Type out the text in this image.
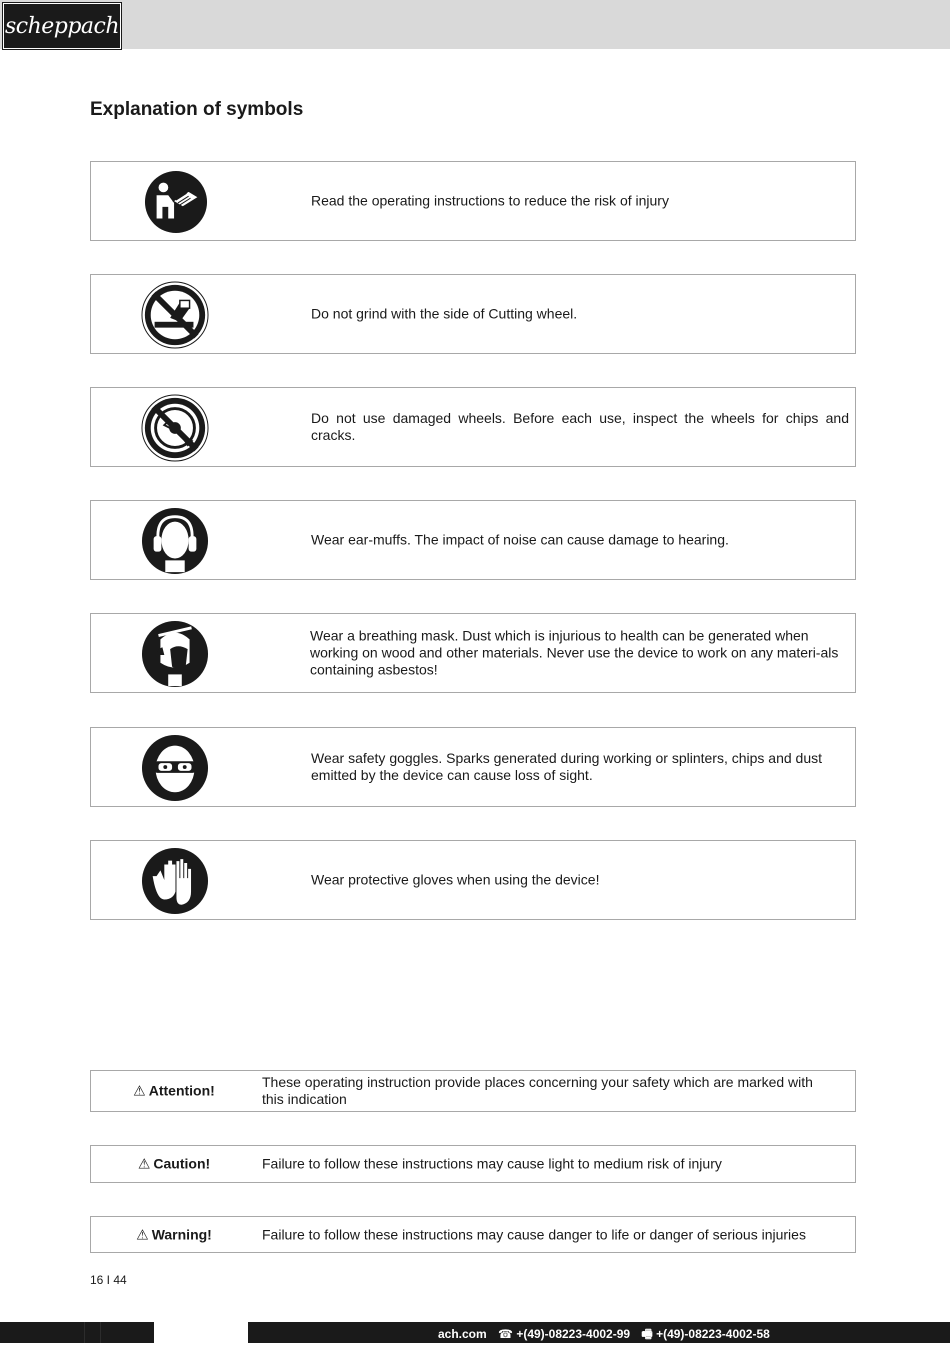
scheppach
Explanation of symbols
Read the operating instructions to reduce the risk of injury
Do not grind with the side of Cutting wheel.
Do not use damaged wheels. Before each use, inspect the wheels for chips and cracks.
Wear ear-muffs. The impact of noise can cause damage to hearing.
Wear a breathing mask. Dust which is injurious to health can be generated when working on wood and other materials. Never use the device to work on any materi-als containing asbestos!
Wear safety goggles. Sparks generated during working or splinters, chips and dust emitted by the device can cause loss of sight.
Wear protective gloves when using the device!
⚠ Attention!
These operating instruction provide places concerning your safety which are marked with this indication
⚠ Caution!	Failure to follow these instructions may cause light to medium risk of injury
⚠ Warning!	Failure to follow these instructions may cause danger to life or danger of serious injuries
16 I 44
ach.com ☎ +(49)-08223-4002-99 🖷 +(49)-08223-4002-58
